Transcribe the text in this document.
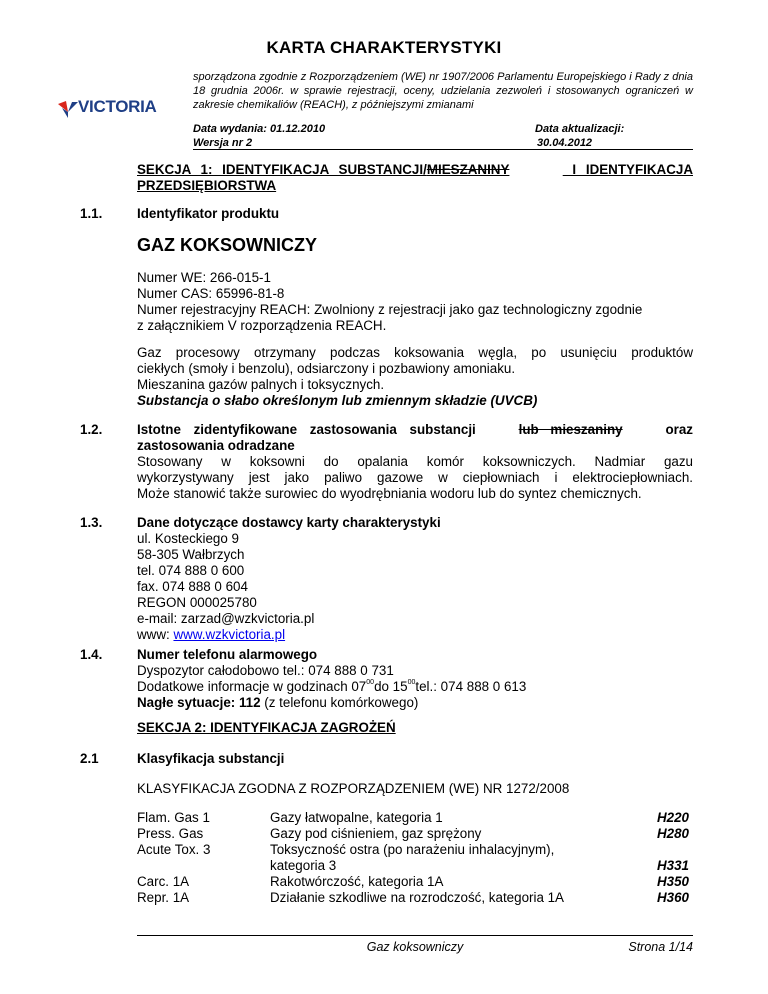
KARTA CHARAKTERYSTYKI
VICTORIA
sporządzona zgodnie z Rozporządzeniem (WE) nr 1907/2006 Parlamentu Europejskiego i Rady z dnia 18 grudnia 2006r. w sprawie rejestracji, oceny, udzielania zezwoleń i stosowanych ograniczeń w zakresie chemikaliów (REACH), z późniejszymi zmianami
Data wydania: 01.12.2010
Wersja nr 2
Data aktualizacji:
30.04.2012
SEKCJA 1: IDENTYFIKACJA SUBSTANCJI/ MIESZANINY	I IDENTYFIKACJA
PRZEDSIĘBIORSTWA
1.1.	Identyfikator produktu
GAZ KOKSOWNICZY
Numer WE: 266-015-1
Numer CAS: 65996-81-8
Numer rejestracyjny REACH: Zwolniony z rejestracji jako gaz technologiczny zgodnie
z załącznikiem V rozporządzenia REACH.
Gaz procesowy otrzymany podczas koksowania węgla, po usunięciu produktów
ciekłych (smoły i benzolu), odsiarczony i pozbawiony amoniaku.
Mieszanina gazów palnych i toksycznych.
Substancja o słabo określonym lub zmiennym składzie (UVCB)
1.2.	Istotne zidentyfikowane zastosowania substancji	lub mieszaniny	oraz
zastosowania odradzane
Stosowany w koksowni do opalania komór koksowniczych. Nadmiar gazu
wykorzystywany jest jako paliwo gazowe w ciepłowniach i elektrociepłowniach.
Może stanowić także surowiec do wyodrębniania wodoru lub do syntez chemicznych.
1.3.	Dane dotyczące dostawcy karty charakterystyki
ul. Kosteckiego 9
58-305 Wałbrzych
tel. 074 888 0 600
fax. 074 888 0 604
REGON 000025780
e-mail: zarzad@wzkvictoria.pl
www: www.wzkvictoria.pl
1.4.	Numer telefonu alarmowego
Dyspozytor całodobowo tel.: 074 888 0 731
Dodatkowe informacje w godzinach $07^{00}do$ $15^{00}tel$.: 074 888 0 613
Nagłe sytuacje: 112 (z telefonu komórkowego)
SEKCJA 2: IDENTYFIKACJA ZAGROŻEŃ
2.1	Klasyfikacja substancji
KLASYFIKACJA ZGODNA Z ROZPORZĄDZENIEM (WE) NR 1272/2008
Flam. Gas 1	Gazy łatwopalne, kategoria 1	H220
Press. Gas	Gazy pod ciśnieniem, gaz sprężony	H280
Acute Tox. 3	Toksyczność ostra (po narażeniu inhalacyjnym),
kategoria 3	H331
Carc. 1A	Rakotwórczość, kategoria 1A	H350
Repr. 1A	Działanie szkodliwe na rozrodczość, kategoria 1A	H360
Gaz koksowniczy	Strona 1/14
